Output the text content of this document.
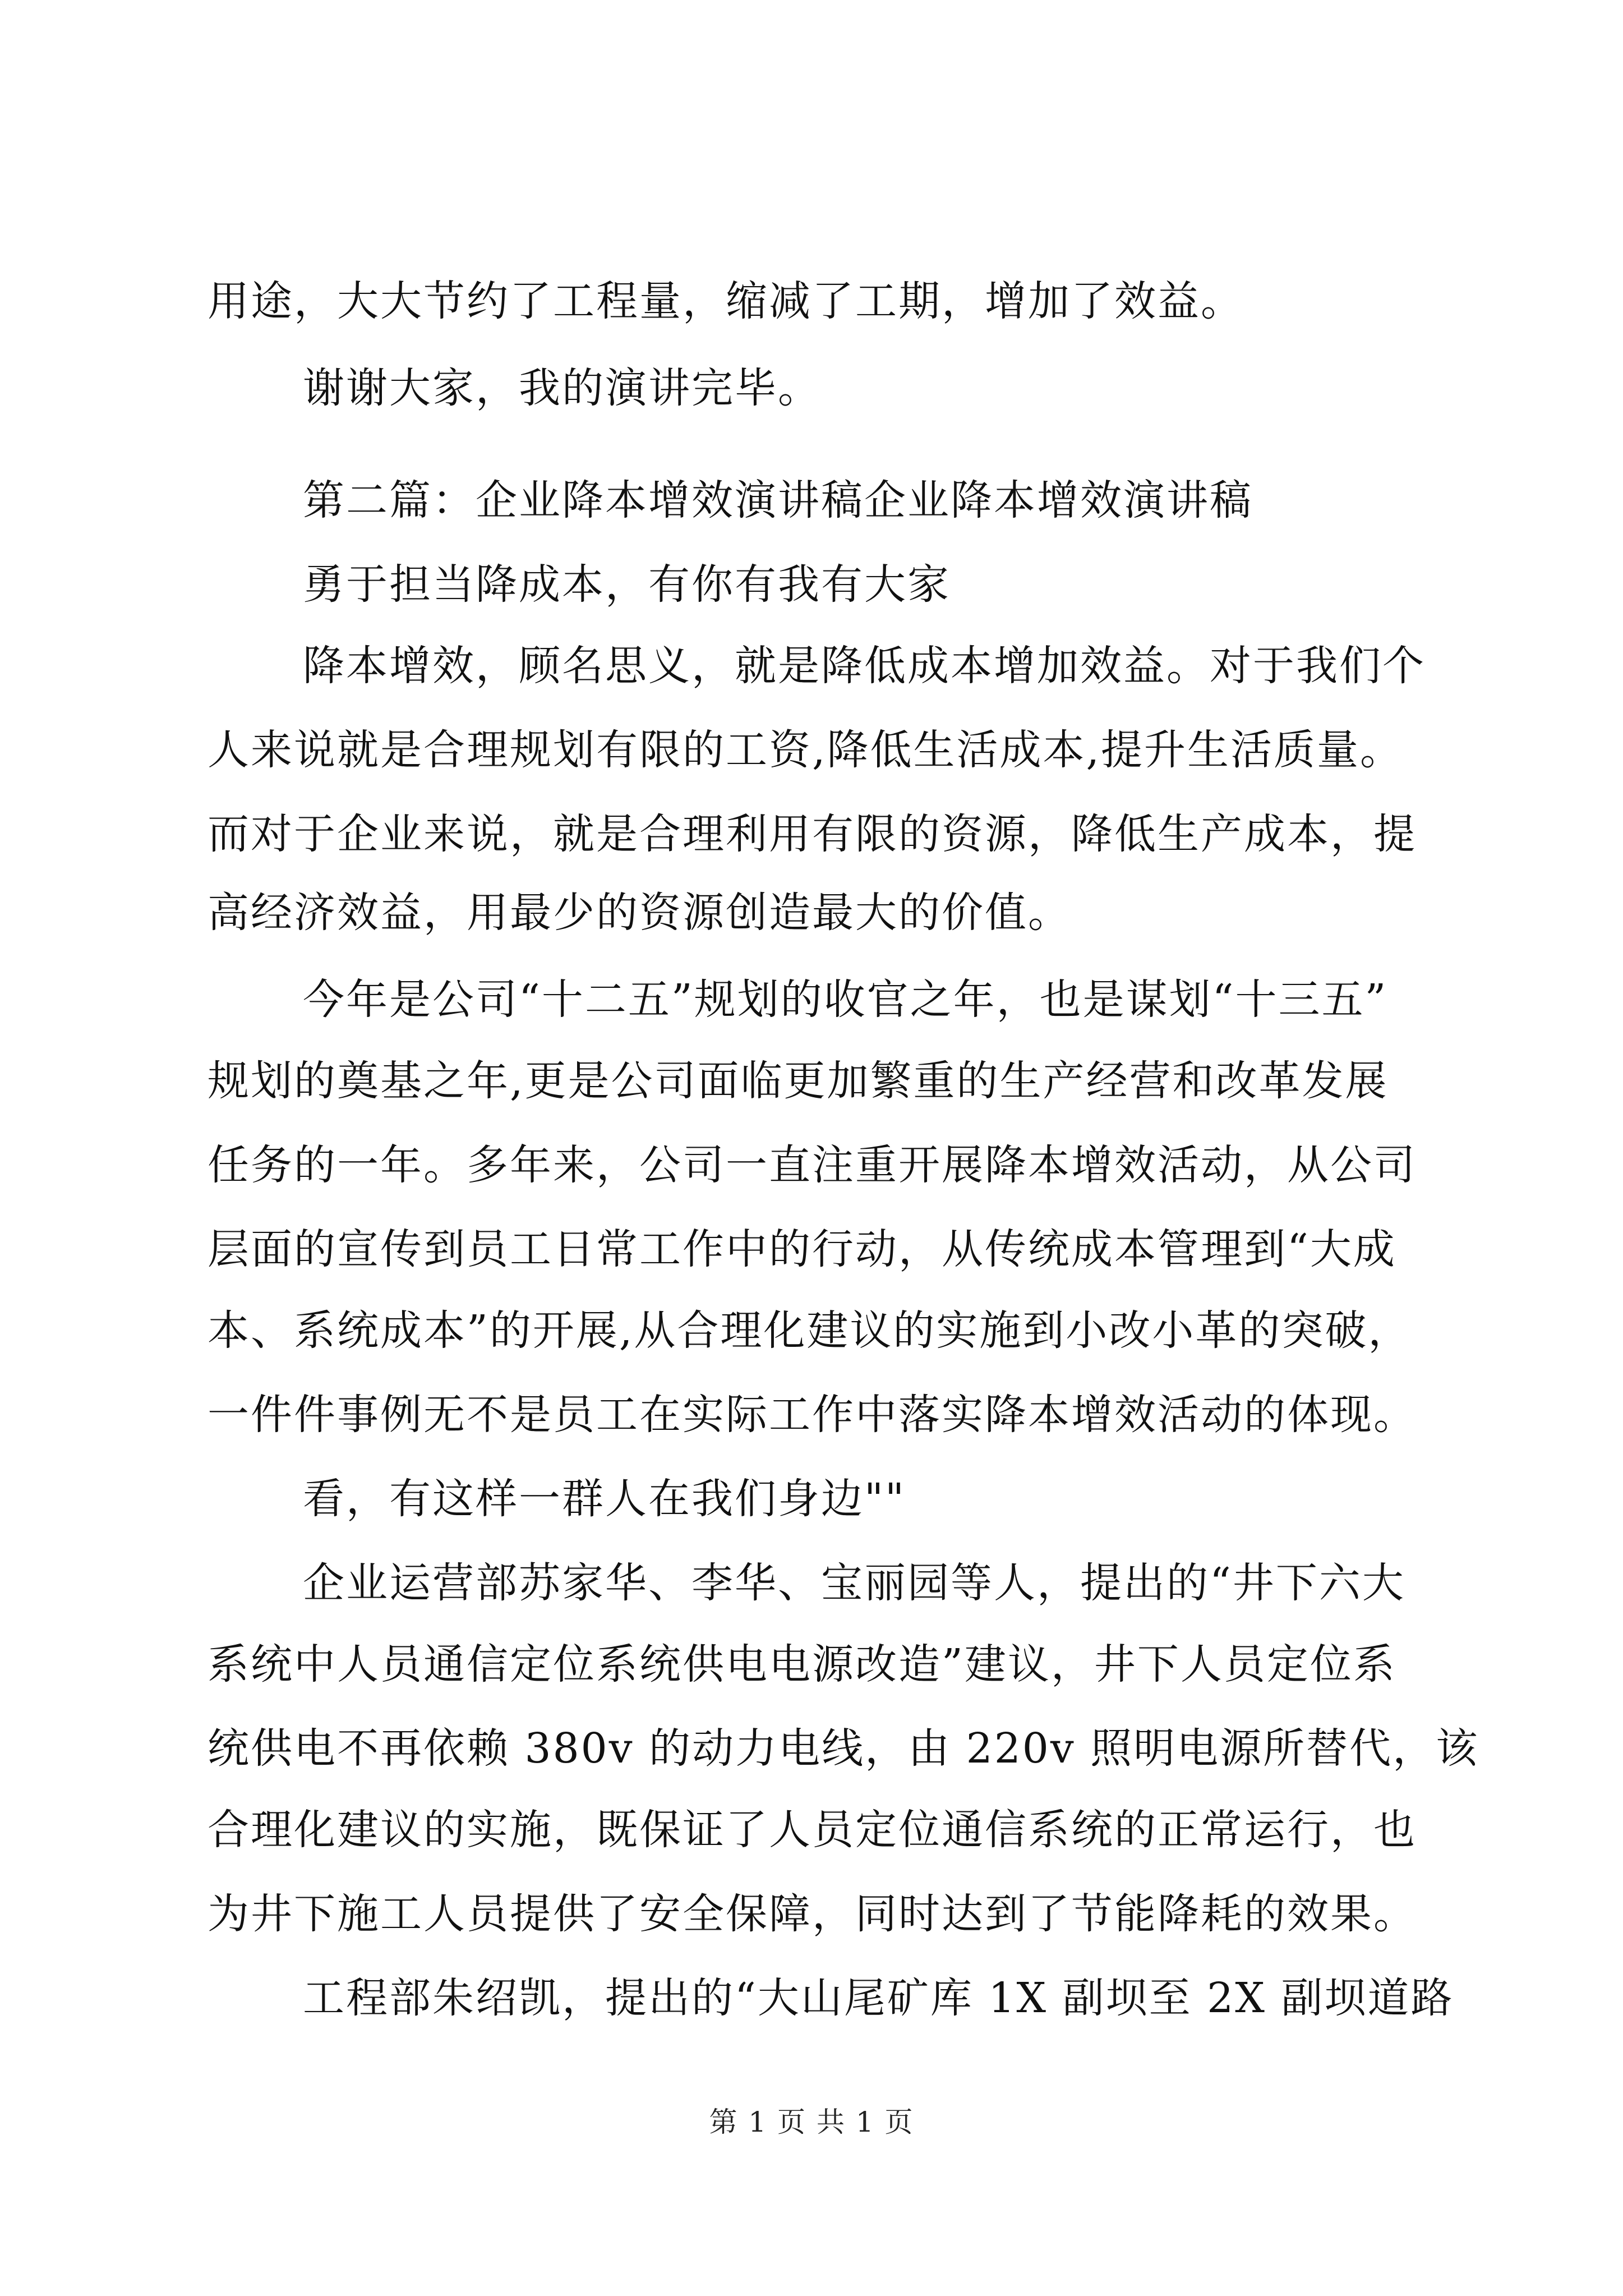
用途，大大节约了工程量，缩减了工期，增加了效益。
谢谢大家，我的演讲完毕。
第二篇：企业降本增效演讲稿企业降本增效演讲稿
勇于担当降成本，有你有我有大家
降本增效，顾名思义，就是降低成本增加效益。对于我们个
人来说就是合理规划有限的工资,降低生活成本,提升生活质量。
而对于企业来说，就是合理利用有限的资源，降低生产成本，提
高经济效益，用最少的资源创造最大的价值。
今年是公司“十二五”规划的收官之年，也是谋划“十三五”
规划的奠基之年,更是公司面临更加繁重的生产经营和改革发展
任务的一年。多年来，公司一直注重开展降本增效活动，从公司
层面的宣传到员工日常工作中的行动，从传统成本管理到“大成
本、系统成本”的开展,从合理化建议的实施到小改小革的突破，
一件件事例无不是员工在实际工作中落实降本增效活动的体现。
看，有这样一群人在我们身边""
企业运营部苏家华、李华、宝丽园等人，提出的“井下六大
系统中人员通信定位系统供电电源改造”建议，井下人员定位系
统供电不再依赖 380v 的动力电线，由 220v 照明电源所替代，该
合理化建议的实施，既保证了人员定位通信系统的正常运行，也
为井下施工人员提供了安全保障，同时达到了节能降耗的效果。
工程部朱绍凯，提出的“大山尾矿库 1X 副坝至 2X 副坝道路
第 1 页 共 1 页
